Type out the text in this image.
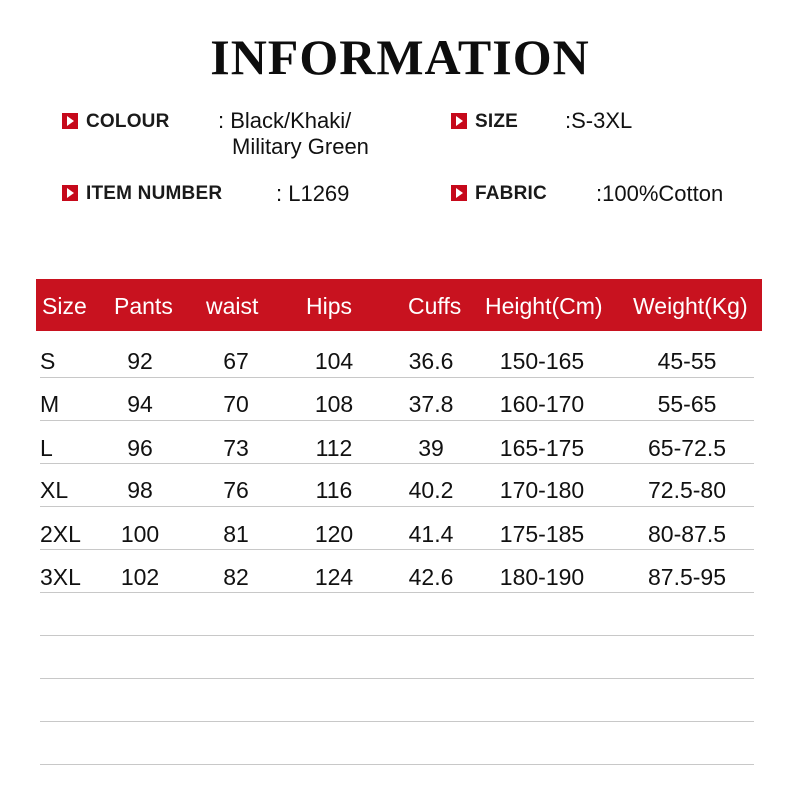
INFORMATION
COLOUR : Black/Khaki/
Military Green
SIZE :S-3XL
ITEM NUMBER : L1269	FABRIC :100%Cotton
Size Pants waist Hips Cuffs Height(Cm) Weight(Kg)
S	92	67	104 36.6 150-165	45-55
M	94	70	108 37.8 160-170	55-65
L	96	73	112	39 165-175	65-72.5
XL	98	76	116 40.2 170-180	72.5-80
2XL 100	81	120 41.4 175-185	80-87.5
3XL 102	82	124 42.6 180-190	87.5-95
